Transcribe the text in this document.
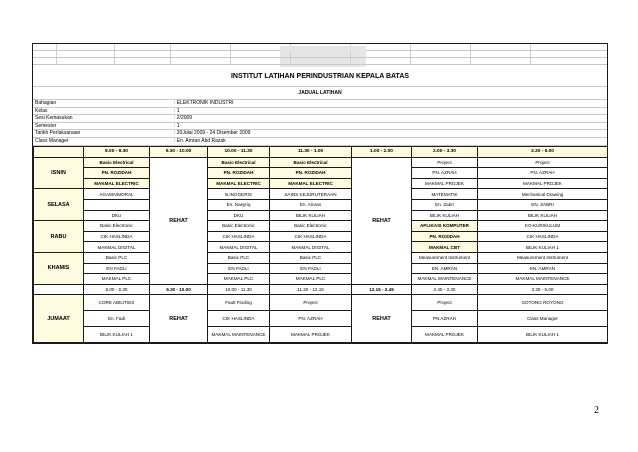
INSTITUT LATIHAN PERINDUSTRIAN KEPALA BATAS
JADUAL LATIHAN
Bahagian	: ELEKTRONIK INDUSTRI
Kelas	: 1
Sesi Kemasukan	: 2/2009
Semester	: 1
Tarikh Perlaksanaan	: 20Julai 2009 - 24 Disember 2009
Class Manager	: En. Amran Abd Razak
	8.00 - 9.30	9.30 - 10.00	10.00 - 11.30	11.30 - 1.00	1.00 - 2.00	2.00 - 3.30	3.30 - 5.00
ISNIN	Basic Electrical	REHAT	Basic Electrical	Basic Electrical	REHAT	Project	Project
	PN. ROZIDAH		PN. ROZIDAH	PN. ROZIDAH		PN. AZRAH	PN. AZRAH
	MAKMAL ELECTRIC		MAKMAL ELECTRIC	MAKMAL ELECTRIC		MAKMAL PROJEK	MAKMAL PROJEK
SELASA	AGAMA/MORAL		B.INGGERIS	SAINS KEJURUTERAAN		MATEMATIK	Mechanical Drawing
			En. Nasyriq	En. Amran		En. Zabri	EN. ZABRI
	DKU		DKU	BILIK KULIAH		BILIK KULIAH	BILIK KULIAH
RABU	Basic Electronic		Basic Electronic	Basic Electronic		APLIKASI KOMPUTER	KO-KURIKULUM
	CIK HASLINDA		CIK HASLINDA	CIK HASLINDA		PN. ROSIDAH	CIK HASLINDA
	MAKMAL DIGITAL		MAKMAL DIGITAL	MAKMAL DIGITAL		MAKMAL CBT	BILIK KULIAH 1
KHAMIS	Basic PLC		Basic PLC	Basic PLC		Measurement Instrument	Measurement Instrument
	EN FADLI		EN FADLI	EN FADLI		EN. AMRAN	EN. AMRAN
	MAKMAL PLC		MAKMAL PLC	MAKMAL PLC		MAKMAL MAINTENANCE	MAKMAL MAINTENANCE
	8.00 - 9.30	9.30 - 10.00	10.00 - 11.30	11.30 - 12.15	12.15 - 2.45	2.45 - 3.30	3.30 - 5.00
JUMAAT	CORE ABILITIES	REHAT	Fault Finding	Project	REHAT	Project	GOTONG ROYONG
	En. Fadi		CIK HASLINDA	PN. AZRAH		PN AZRAH	Class Manager
	BILIK KULIAH 1		MAKMAL MAINTENANCE	MAKMAL PROJEK		MAKMAL PROJEK	BILIK KULIAH 1
2
